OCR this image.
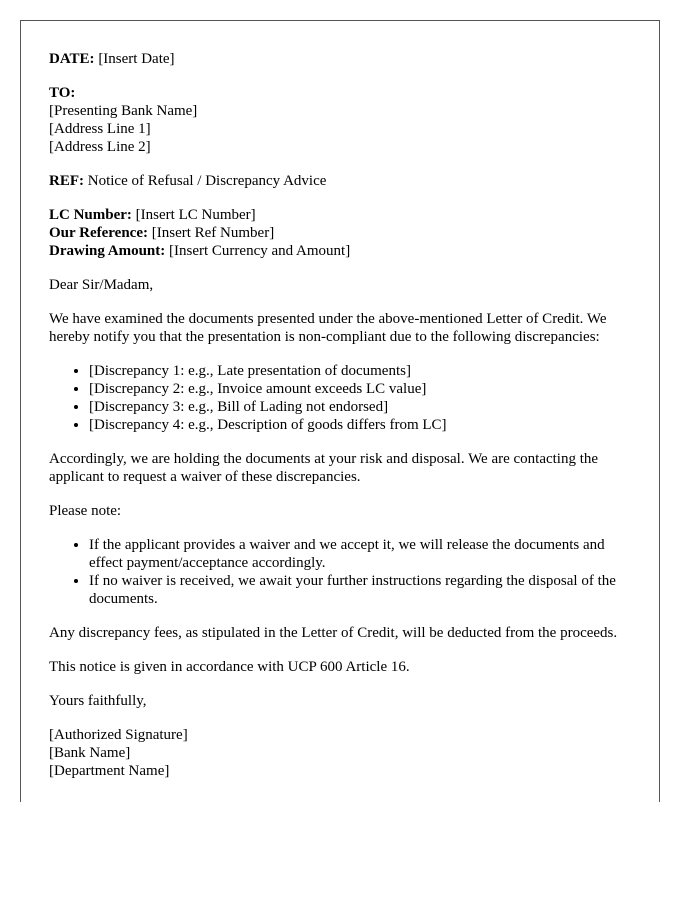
DATE: [Insert Date]

TO:
[Presenting Bank Name]
[Address Line 1]
[Address Line 2]

REF: Notice of Refusal / Discrepancy Advice

LC Number: [Insert LC Number]
Our Reference: [Insert Ref Number]
Drawing Amount: [Insert Currency and Amount]

Dear Sir/Madam,

We have examined the documents presented under the above-mentioned Letter of Credit. We hereby notify you that the presentation is non-compliant due to the following discrepancies:

• [Discrepancy 1: e.g., Late presentation of documents]
• [Discrepancy 2: e.g., Invoice amount exceeds LC value]
• [Discrepancy 3: e.g., Bill of Lading not endorsed]
• [Discrepancy 4: e.g., Description of goods differs from LC]

Accordingly, we are holding the documents at your risk and disposal. We are contacting the applicant to request a waiver of these discrepancies.

Please note:

• If the applicant provides a waiver and we accept it, we will release the documents and effect payment/acceptance accordingly.
• If no waiver is received, we await your further instructions regarding the disposal of the documents.

Any discrepancy fees, as stipulated in the Letter of Credit, will be deducted from the proceeds.

This notice is given in accordance with UCP 600 Article 16.

Yours faithfully,

[Authorized Signature]
[Bank Name]
[Department Name]
